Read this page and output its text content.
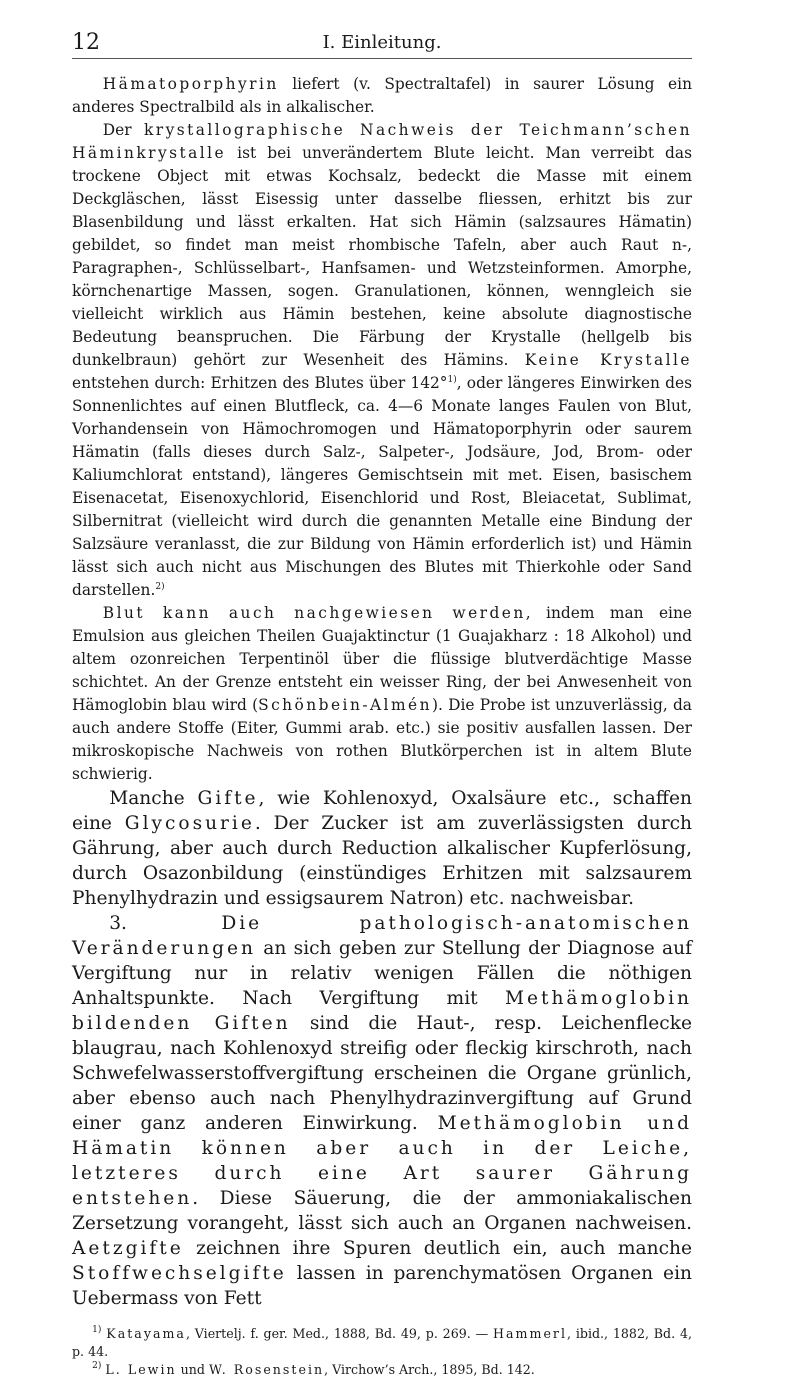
12	I. Einleitung.

Hämatoporphyrin liefert (v. Spectraltafel) in saurer Lösung ein anderes Spectralbild als in alkalischer.

Der krystallographische Nachweis der Teichmann’schen Häminkrystalle ist bei unverändertem Blute leicht. Man verreibt das trockene Object mit etwas Kochsalz, bedeckt die Masse mit einem Deckgläschen, lässt Eisessig unter dasselbe fliessen, erhitzt bis zur Blasenbildung und lässt erkalten. Hat sich Hämin (salzsaures Hämatin) gebildet, so findet man meist rhombische Tafeln, aber auch Raut n-, Paragraphen-, Schlüsselbart-, Hanfsamen- und Wetzsteinformen. Amorphe, körnchenartige Massen, sogen. Granulationen, können, wenngleich sie vielleicht wirklich aus Hämin bestehen, keine absolute diagnostische Bedeutung beanspruchen. Die Färbung der Krystalle (hellgelb bis dunkelbraun) gehört zur Wesenheit des Hämins. Keine Krystalle entstehen durch: Erhitzen des Blutes über 142°$^{1)}$, oder längeres Einwirken des Sonnenlichtes auf einen Blutfleck, ca. 4—6 Monate langes Faulen von Blut, Vorhandensein von Hämochromogen und Hämatoporphyrin oder saurem Hämatin (falls dieses durch Salz-, Salpeter-, Jodsäure, Jod, Brom- oder Kaliumchlorat entstand), längeres Gemischtsein mit met. Eisen, basischem Eisenacetat, Eisenoxychlorid, Eisenchlorid und Rost, Bleiacetat, Sublimat, Silbernitrat (vielleicht wird durch die genannten Metalle eine Bindung der Salzsäure veranlasst, die zur Bildung von Hämin erforderlich ist) und Hämin lässt sich auch nicht aus Mischungen des Blutes mit Thierkohle oder Sand darstellen.$^{2)}$

Blut kann auch nachgewiesen werden, indem man eine Emulsion aus gleichen Theilen Guajaktinctur (1 Guajakharz : 18 Alkohol) und altem ozonreichen Terpentinöl über die flüssige blutverdächtige Masse schichtet. An der Grenze entsteht ein weisser Ring, der bei Anwesenheit von Hämoglobin blau wird (Schönbein-Almén). Die Probe ist unzuverlässig, da auch andere Stoffe (Eiter, Gummi arab. etc.) sie positiv ausfallen lassen. Der mikroskopische Nachweis von rothen Blutkörperchen ist in altem Blute schwierig.

Manche Gifte, wie Kohlenoxyd, Oxalsäure etc., schaffen eine Glycosurie. Der Zucker ist am zuverlässigsten durch Gährung, aber auch durch Reduction alkalischer Kupferlösung, durch Osazonbildung (einstündiges Erhitzen mit salzsaurem Phenylhydrazin und essigsaurem Natron) etc. nachweisbar.

3. Die pathologisch-anatomischen Veränderungen an sich geben zur Stellung der Diagnose auf Vergiftung nur in relativ wenigen Fällen die nöthigen Anhaltspunkte. Nach Vergiftung mit Methämoglobin bildenden Giften sind die Haut-, resp. Leichenflecke blaugrau, nach Kohlenoxyd streifig oder fleckig kirschroth, nach Schwefelwasserstoffvergiftung erscheinen die Organe grünlich, aber ebenso auch nach Phenylhydrazinvergiftung auf Grund einer ganz anderen Einwirkung. Methämoglobin und Hämatin können aber auch in der Leiche, letzteres durch eine Art saurer Gährung entstehen. Diese Säuerung, die der ammoniakalischen Zersetzung vorangeht, lässt sich auch an Organen nachweisen. Aetzgifte zeichnen ihre Spuren deutlich ein, auch manche Stoffwechselgifte lassen in parenchymatösen Organen ein Uebermass von Fett

$^{1)}$ Katayama, Viertelj. f. ger. Med., 1888, Bd. 49, p. 269. — Hammerl, ibid., 1882, Bd. 4, p. 44.

$^{2)}$ L. Lewin und W. Rosenstein, Virchow’s Arch., 1895, Bd. 142.
